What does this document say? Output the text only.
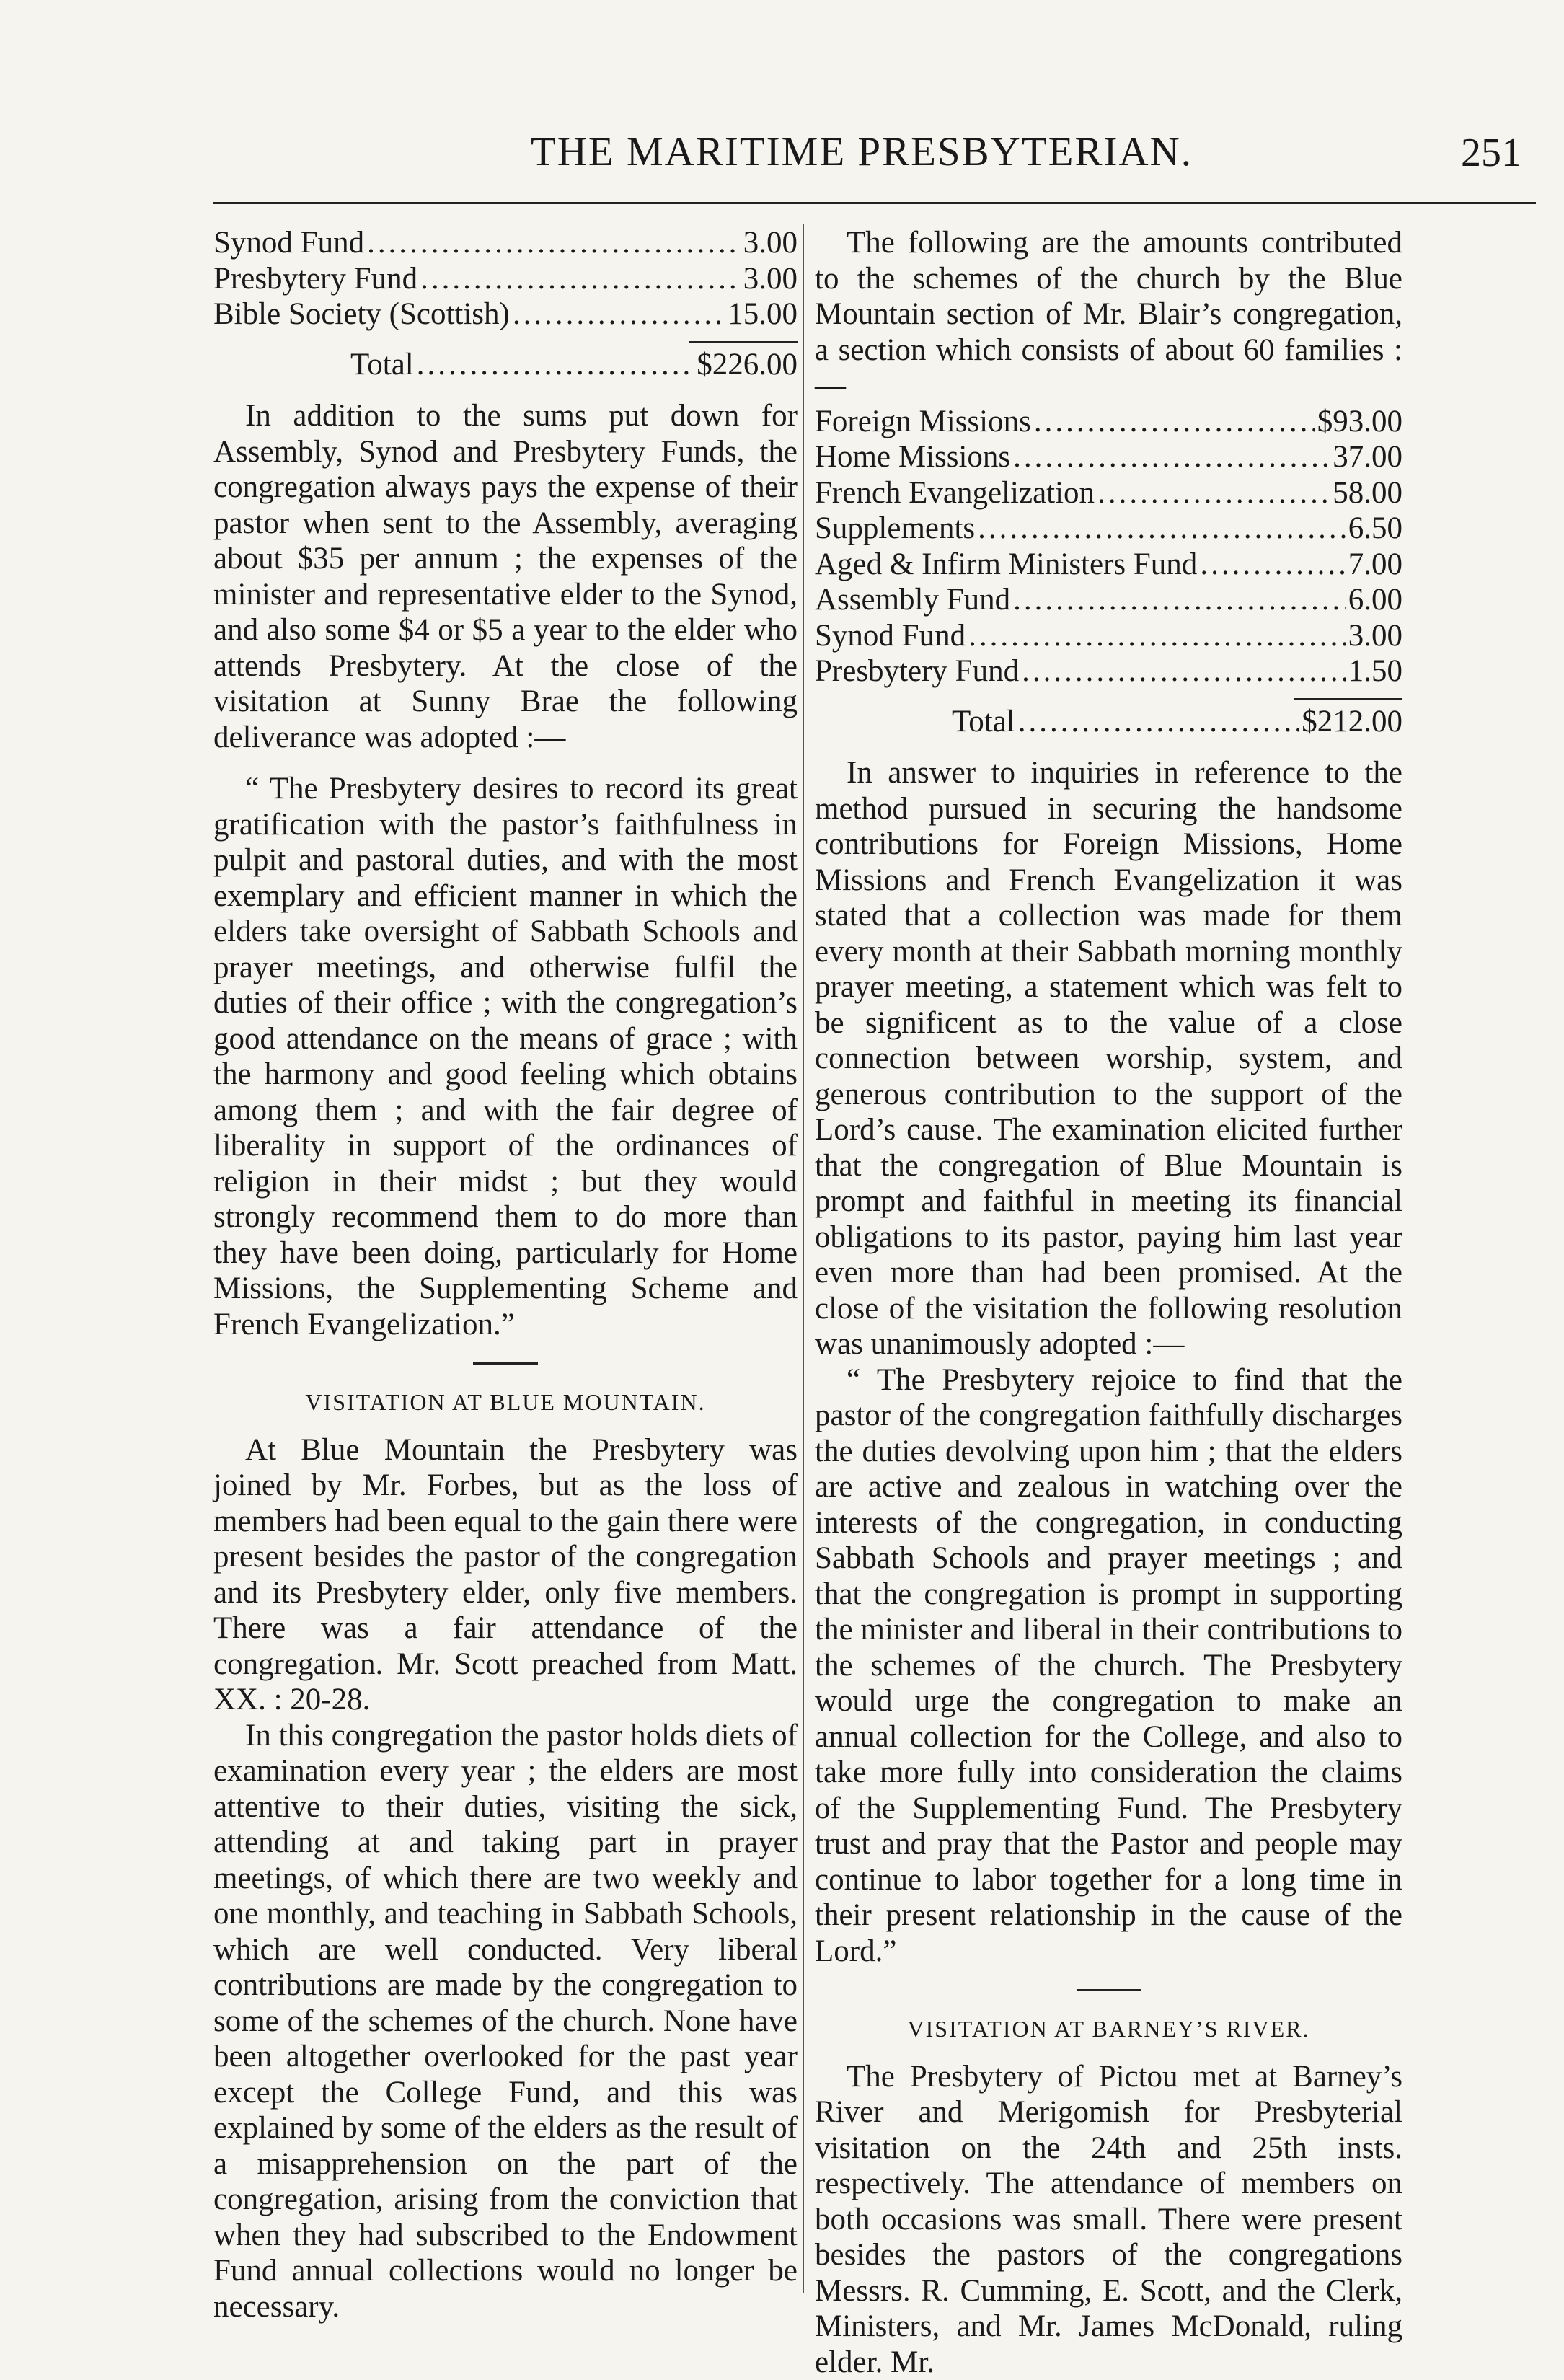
THE MARITIME PRESBYTERIAN.	251
Synod Fund .....	3.00
Presbytery Fund .....	3.00
Bible Society (Scottish) .....	15.00
Total .....	$226.00

In addition to the sums put down for Assembly, Synod and Presbytery Funds, the congregation always pays the expense of their pastor when sent to the Assembly, averaging about $35 per annum ; the expenses of the minister and representative elder to the Synod, and also some $4 or $5 a year to the elder who attends Presbytery. At the close of the visitation at Sunny Brae the following deliverance was adopted :—

“ The Presbytery desires to record its great gratification with the pastor’s faithfulness in pulpit and pastoral duties, and with the most exemplary and efficient manner in which the elders take oversight of Sabbath Schools and prayer meetings, and otherwise fulfil the duties of their office ; with the congregation’s good attendance on the means of grace ; with the harmony and good feeling which obtains among them ; and with the fair degree of liberality in support of the ordinances of religion in their midst ; but they would strongly recommend them to do more than they have been doing, particularly for Home Missions, the Supplementing Scheme and French Evangelization.”

VISITATION AT BLUE MOUNTAIN.

At Blue Mountain the Presbytery was joined by Mr. Forbes, but as the loss of members had been equal to the gain there were present besides the pastor of the congregation and its Presbytery elder, only five members. There was a fair attendance of the congregation. Mr. Scott preached from Matt. XX. : 20-28.

In this congregation the pastor holds diets of examination every year ; the elders are most attentive to their duties, visiting the sick, attending at and taking part in prayer meetings, of which there are two weekly and one monthly, and teaching in Sabbath Schools, which are well conducted. Very liberal contributions are made by the congregation to some of the schemes of the church. None have been altogether overlooked for the past year except the College Fund, and this was explained by some of the elders as the result of a misapprehension on the part of the congregation, arising from the conviction that when they had subscribed to the Endowment Fund annual collections would no longer be necessary.

The following are the amounts contributed to the schemes of the church by the Blue Mountain section of Mr. Blair’s congregation, a section which consists of about 60 families :—

Foreign Missions .....	$93.00
Home Missions .....	37.00
French Evangelization .....	58.00
Supplements .....	6.50
Aged & Infirm Ministers Fund .....	7.00
Assembly Fund .....	6.00
Synod Fund .....	3.00
Presbytery Fund .....	1.50
Total .....	$212.00

In answer to inquiries in reference to the method pursued in securing the handsome contributions for Foreign Missions, Home Missions and French Evangelization it was stated that a collection was made for them every month at their Sabbath morning monthly prayer meeting, a statement which was felt to be significent as to the value of a close connection between worship, system, and generous contribution to the support of the Lord’s cause. The examination elicited further that the congregation of Blue Mountain is prompt and faithful in meeting its financial obligations to its pastor, paying him last year even more than had been promised. At the close of the visitation the following resolution was unanimously adopted :—

“ The Presbytery rejoice to find that the pastor of the congregation faithfully discharges the duties devolving upon him ; that the elders are active and zealous in watching over the interests of the congregation, in conducting Sabbath Schools and prayer meetings ; and that the congregation is prompt in supporting the minister and liberal in their contributions to the schemes of the church. The Presbytery would urge the congregation to make an annual collection for the College, and also to take more fully into consideration the claims of the Supplementing Fund. The Presbytery trust and pray that the Pastor and people may continue to labor together for a long time in their present relationship in the cause of the Lord.”

VISITATION AT BARNEY’S RIVER.

The Presbytery of Pictou met at Barney’s River and Merigomish for Presbyterial visitation on the 24th and 25th insts. respectively. The attendance of members on both occasions was small. There were present besides the pastors of the congregations Messrs. R. Cumming, E. Scott, and the Clerk, Ministers, and Mr. James McDonald, ruling elder. Mr.
